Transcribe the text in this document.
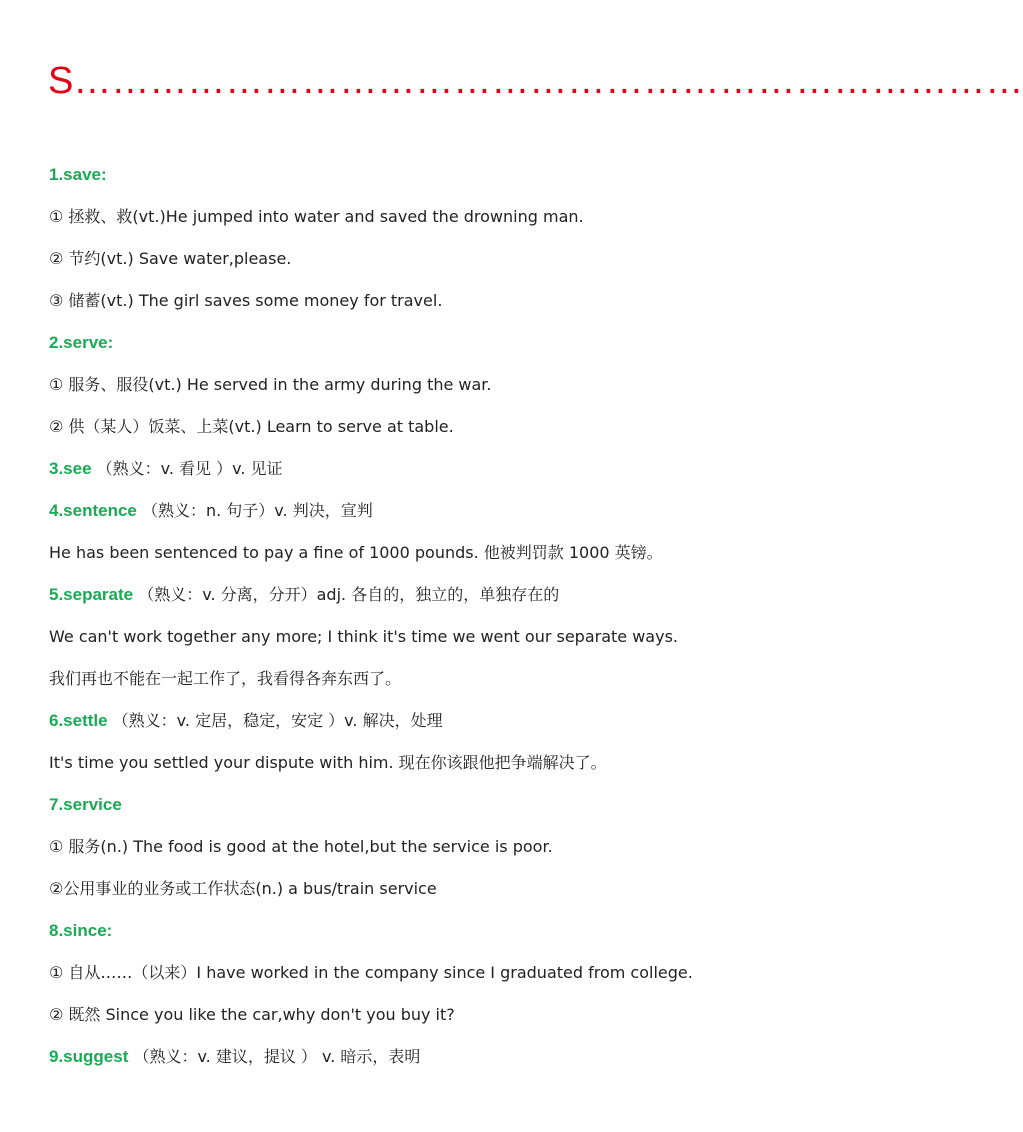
S…………………………………………………………………
1.save:
① 拯救、救(vt.)He jumped into water and saved the drowning man.
② 节约(vt.) Save water,please.
③ 储蓄(vt.) The girl saves some money for travel.
2.serve:
① 服务、服役(vt.) He served in the army during the war.
② 供（某人）饭菜、上菜(vt.) Learn to serve at table.
3.see （熟义：v. 看见 ）v. 见证
4.sentence （熟义：n. 句子）v. 判决，宣判
He has been sentenced to pay a fine of 1000 pounds. 他被判罚款 1000 英镑。
5.separate （熟义：v. 分离，分开）adj. 各自的，独立的，单独存在的
We can't work together any more; I think it's time we went our separate ways.
我们再也不能在一起工作了，我看得各奔东西了。
6.settle （熟义：v. 定居，稳定，安定 ）v. 解决，处理
It's time you settled your dispute with him. 现在你该跟他把争端解决了。
7.service
① 服务(n.) The food is good at the hotel,but the service is poor.
②公用事业的业务或工作状态(n.) a bus/train service
8.since:
① 自从……（以来）I have worked in the company since I graduated from college.
② 既然 Since you like the car,why don't you buy it?
9.suggest （熟义：v. 建议，提议 ） v. 暗示，表明
